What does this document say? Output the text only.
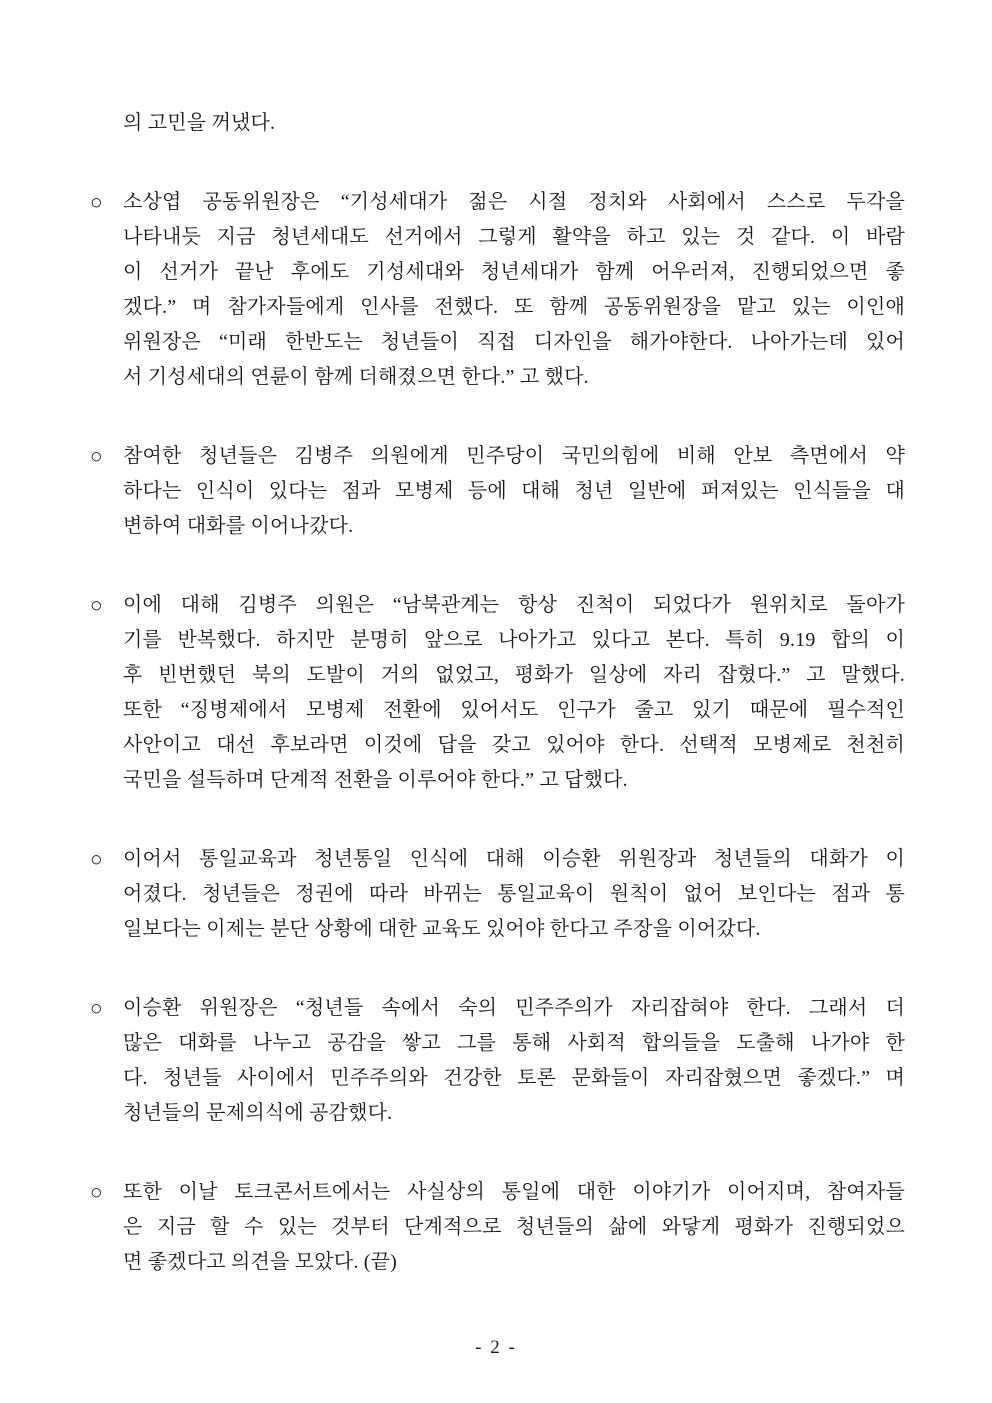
의 고민을 꺼냈다.
○	소상엽 공동위원장은 “기성세대가 젊은 시절 정치와 사회에서 스스로 두각을
나타내듯 지금 청년세대도 선거에서 그렇게 활약을 하고 있는 것 같다. 이 바람
이 선거가 끝난 후에도 기성세대와 청년세대가 함께 어우러져, 진행되었으면 좋
겠다.” 며 참가자들에게 인사를 전했다. 또 함께 공동위원장을 맡고 있는 이인애
위원장은 “미래 한반도는 청년들이 직접 디자인을 해가야한다. 나아가는데 있어
서 기성세대의 연륜이 함께 더해졌으면 한다.” 고 했다.
○	참여한 청년들은 김병주 의원에게 민주당이 국민의힘에 비해 안보 측면에서 약
하다는 인식이 있다는 점과 모병제 등에 대해 청년 일반에 퍼져있는 인식들을 대
변하여 대화를 이어나갔다.
○	이에 대해 김병주 의원은 “남북관계는 항상 진척이 되었다가 원위치로 돌아가
기를 반복했다. 하지만 분명히 앞으로 나아가고 있다고 본다. 특히 9.19 합의 이
후 빈번했던 북의 도발이 거의 없었고, 평화가 일상에 자리 잡혔다.” 고 말했다.
또한 “징병제에서 모병제 전환에 있어서도 인구가 줄고 있기 때문에 필수적인
사안이고 대선 후보라면 이것에 답을 갖고 있어야 한다. 선택적 모병제로 천천히
국민을 설득하며 단계적 전환을 이루어야 한다.” 고 답했다.
○	이어서 통일교육과 청년통일 인식에 대해 이승환 위원장과 청년들의 대화가 이
어졌다. 청년들은 정권에 따라 바뀌는 통일교육이 원칙이 없어 보인다는 점과 통
일보다는 이제는 분단 상황에 대한 교육도 있어야 한다고 주장을 이어갔다.
○	이승환 위원장은 “청년들 속에서 숙의 민주주의가 자리잡혀야 한다. 그래서 더
많은 대화를 나누고 공감을 쌓고 그를 통해 사회적 합의들을 도출해 나가야 한
다. 청년들 사이에서 민주주의와 건강한 토론 문화들이 자리잡혔으면 좋겠다.” 며
청년들의 문제의식에 공감했다.
○	또한 이날 토크콘서트에서는 사실상의 통일에 대한 이야기가 이어지며, 참여자들
은 지금 할 수 있는 것부터 단계적으로 청년들의 삶에 와닿게 평화가 진행되었으
면 좋겠다고 의견을 모았다. (끝)
- 2 -
